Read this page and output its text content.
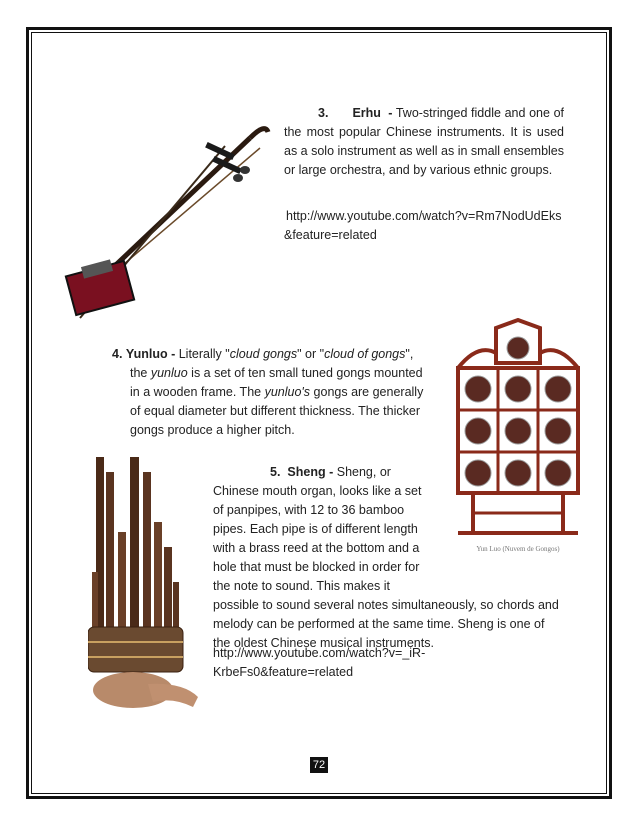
3. Erhu - Two-stringed fiddle and one of the most popular Chinese instruments. It is used as a solo instrument as well as in small ensembles or large orchestra, and by various ethnic groups.
http://www.youtube.com/watch?v=Rm7NodUdEks
&feature=related
4. Yunluo - Literally "cloud gongs" or "cloud of gongs",
the yunluo is a set of ten small tuned gongs mounted in a wooden frame. The yunluo's gongs are generally of equal diameter but different thickness. The thicker gongs produce a higher pitch.
Yun Luo (Nuvem de Gongos)
5. Sheng - Sheng, or
Chinese mouth organ, looks like a set
of panpipes, with 12 to 36 bamboo
pipes. Each pipe is of different length
with a brass reed at the bottom and a
hole that must be blocked in order for
the note to sound. This makes it
possible to sound several notes simultaneously, so chords and
melody can be performed at the same time. Sheng is one of
the oldest Chinese musical instruments.
http://www.youtube.com/watch?v=_iR-
KrbeFs0&feature=related
72
